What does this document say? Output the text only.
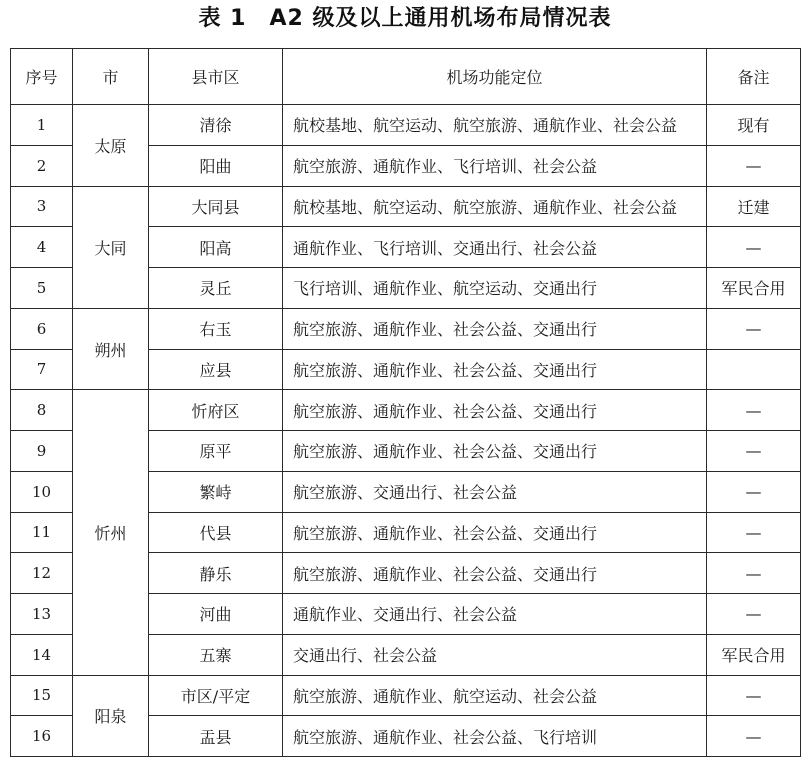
表 1　A2 级及以上通用机场布局情况表
序号	市	县市区	机场功能定位	备注
1	太原	清徐	航校基地、航空运动、航空旅游、通航作业、社会公益	现有
2		阳曲	航空旅游、通航作业、飞行培训、社会公益	—
3	大同	大同县	航校基地、航空运动、航空旅游、通航作业、社会公益	迁建
4		阳高	通航作业、飞行培训、交通出行、社会公益	—
5		灵丘	飞行培训、通航作业、航空运动、交通出行	军民合用
6	朔州	右玉	航空旅游、通航作业、社会公益、交通出行	—
7		应县	航空旅游、通航作业、社会公益、交通出行	
8	忻州	忻府区	航空旅游、通航作业、社会公益、交通出行	—
9		原平	航空旅游、通航作业、社会公益、交通出行	—
10		繁峙	航空旅游、交通出行、社会公益	—
11		代县	航空旅游、通航作业、社会公益、交通出行	—
12		静乐	航空旅游、通航作业、社会公益、交通出行	—
13		河曲	通航作业、交通出行、社会公益	—
14		五寨	交通出行、社会公益	军民合用
15	阳泉	市区/平定	航空旅游、通航作业、航空运动、社会公益	—
16		盂县	航空旅游、通航作业、社会公益、飞行培训	—
